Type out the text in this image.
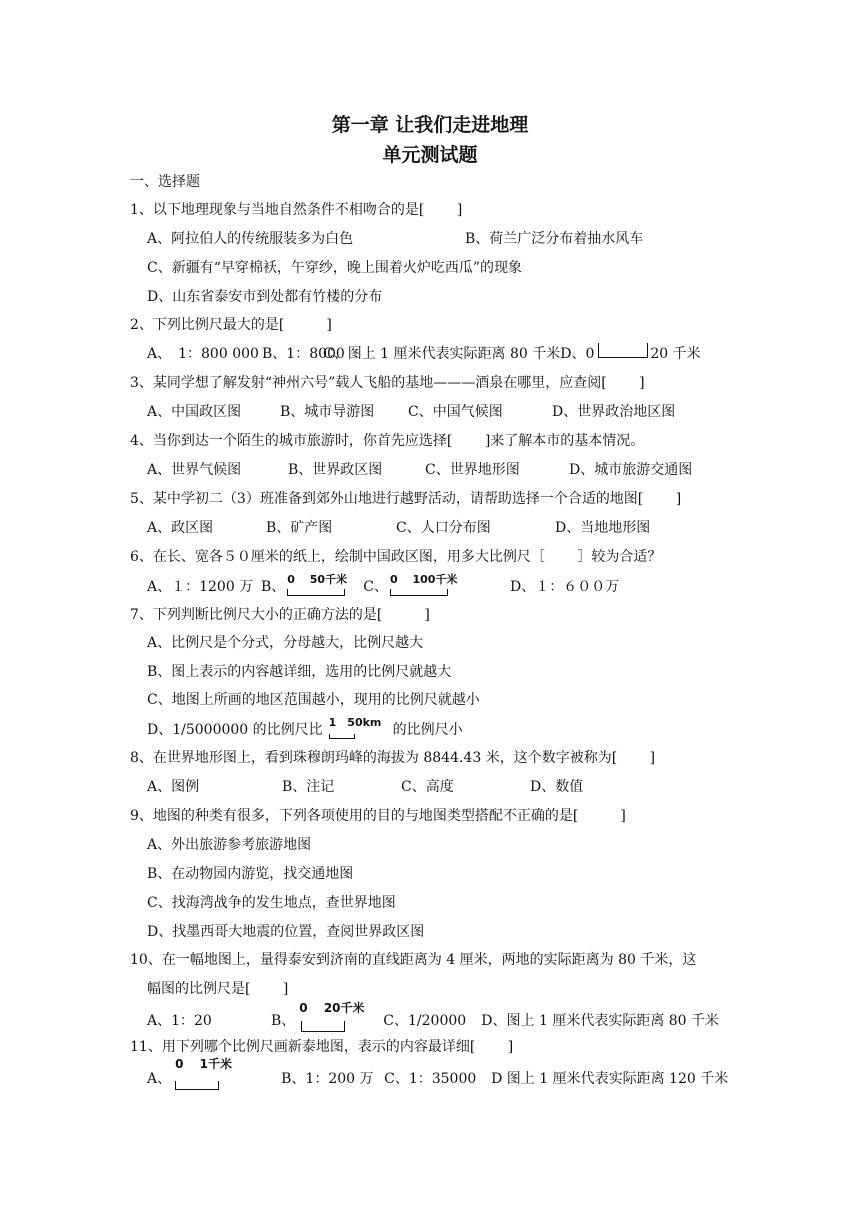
第一章 让我们走进地理
单元测试题
一、选择题
1、以下地理现象与当地自然条件不相吻合的是[　　 ]
A、阿拉伯人的传统服装多为白色	B、荷兰广泛分布着抽水风车
C、新疆有“早穿棉袄，午穿纱，晚上围着火炉吃西瓜”的现象
D、山东省泰安市到处都有竹楼的分布
2、下列比例尺最大的是[　　　]
A、　1：800 000 B、1：8000C、图上 1 厘米代表实际距离 80 千米D、0	20 千米
3、某同学想了解发射“神州六号”载人飞船的基地———酒泉在哪里，应查阅[　　 ]
A、中国政区图	B、城市导游图 C、中国气候图	D、世界政治地区图
4、当你到达一个陌生的城市旅游时，你首先应选择[　　 ]来了解本市的基本情况。
A、世界气候图	B、世界政区图	C、世界地形图	D、城市旅游交通图
5、某中学初二（3）班准备到郊外山地进行越野活动，请帮助选择一个合适的地图[　　 ]
A、政区图	B、矿产图	C、人口分布图	D、当地地形图
6、在长、宽各５０厘米的纸上，绘制中国政区图，用多大比例尺［　　 ］较为合适？
A、１：1200 万 B、 0　 50千米 C、 0　 100千米	D、１：６００万
7、下列判断比例尺大小的正确方法的是[　　　]
A、比例尺是个分式，分母越大，比例尺越大
B、图上表示的内容越详细，选用的比例尺就越大
C、地图上所画的地区范围越小，现用的比例尺就越小
D、1/5000000 的比例尺比 1　50km 的比例尺小
8、在世界地形图上，看到珠穆朗玛峰的海拔为 8844.43 米，这个数字被称为[　　 ]
A、图例	B、注记	C、高度	D、数值
9、地图的种类有很多，下列各项使用的目的与地图类型搭配不正确的是[　　　]
A、外出旅游参考旅游地图
B、在动物园内游览，找交通地图
C、找海湾战争的发生地点，查世界地图
D、找墨西哥大地震的位置，查阅世界政区图
10、在一幅地图上，量得泰安到济南的直线距离为 4 厘米，两地的实际距离为 80 千米，这
幅图的比例尺是[　　 ]
A、1：20	B、
0　 20千米
C、1/20000 D、图上 1 厘米代表实际距离 80 千米
11、用下列哪个比例尺画新泰地图，表示的内容最详细[　　 ]
A、
0　 1千米
B、1：200 万 C、1：35000 D 图上 1 厘米代表实际距离 120 千米
